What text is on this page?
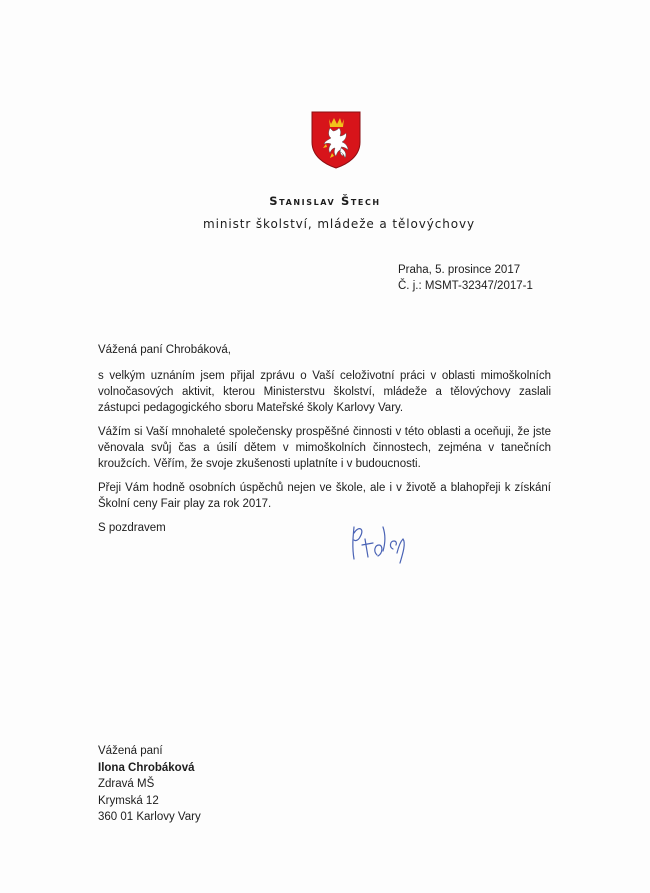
Stanislav Štech
ministr školství, mládeže a tělovýchovy
Praha, 5. prosince 2017
Č. j.: MSMT-32347/2017-1

Vážená paní Chrobáková,

s velkým uznáním jsem přijal zprávu o Vaší celoživotní práci v oblasti mimoškolních volnočasových aktivit, kterou Ministerstvu školství, mládeže a tělovýchovy zaslali zástupci pedagogického sboru Mateřské školy Karlovy Vary.

Vážím si Vaší mnohaleté společensky prospěšné činnosti v této oblasti a oceňuji, že jste věnovala svůj čas a úsilí dětem v mimoškolních činnostech, zejména v tanečních kroužcích. Věřím, že svoje zkušenosti uplatníte i v budoucnosti.

Přeji Vám hodně osobních úspěchů nejen ve škole, ale i v životě a blahopřeji k získání Školní ceny Fair play za rok 2017.

S pozdravem

Vážená paní
Ilona Chrobáková
Zdravá MŠ
Krymská 12
360 01 Karlovy Vary
